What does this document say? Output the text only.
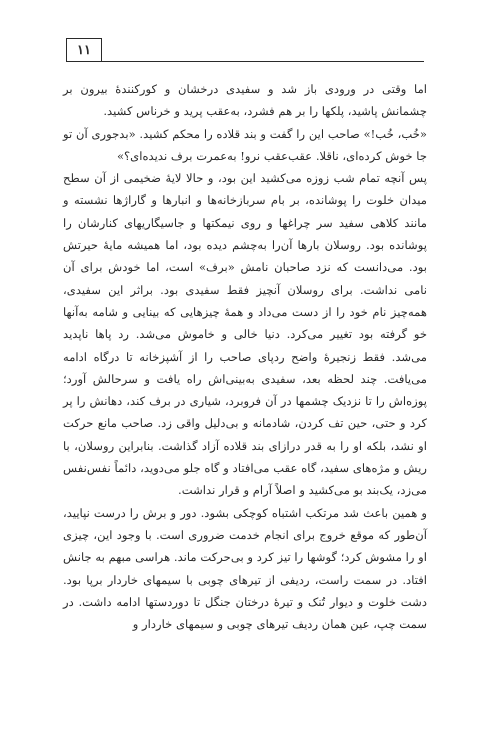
۱۱

اما وقتی در ورودی باز شد و سفیدی درخشان و کورکنندهٔ بیرون بر چشمانش پاشید، پلکها را بر هم فشرد، به‌عقب پرید و خرناس کشید.

«خُب، خُب!» صاحب این را گفت و بند قلاده را محکم کشید. «بدجوری آن تو جا خوش کرده‌ای، ناقلا. عقب‌عقب نرو! به‌عمرت برف ندیده‌ای؟»

پس آنچه تمام شب زوزه می‌کشید این بود، و حالا لایهٔ ضخیمی از آن سطح میدان خلوت را پوشانده، بر بام سربازخانه‌ها و انبارها و گاراژها نشسته و مانند کلاهی سفید سر چراغها و روی نیمکتها و جاسیگاریهای کنارشان را پوشانده بود. روسلان بارها آن‌را به‌چشم دیده بود، اما همیشه مایهٔ حیرتش بود. می‌دانست که نزد صاحبان نامش «برف» است، اما خودش برای آن نامی نداشت. برای روسلان آنچیز فقط سفیدی بود. براثر این سفیدی، همه‌چیز نام خود را از دست می‌داد و همهٔ چیزهایی که بینایی و شامه به‌آنها خو گرفته بود تغییر می‌کرد. دنیا خالی و خاموش می‌شد. رد پاها ناپدید می‌شد. فقط زنجیرهٔ واضح ردپای صاحب را از آشپزخانه تا درگاه ادامه می‌یافت. چند لحظه بعد، سفیدی به‌بینی‌اش راه یافت و سرحالش آورد؛ پوزه‌اش را تا نزدیک چشمها در آن فروبرد، شیاری در برف کند، دهانش را پر کرد و حتی، حین تف کردن، شادمانه و بی‌دلیل واقی زد. صاحب مانع حرکت او نشد، بلکه او را به قدر درازای بند قلاده آزاد گذاشت. بنابراین روسلان، با ریش و مژه‌های سفید، گاه عقب می‌افتاد و گاه جلو می‌دوید، دائماً نفس‌نفس می‌زد، یک‌بند بو می‌کشید و اصلاً آرام و قرار نداشت.

و همین باعث شد مرتکب اشتباه کوچکی بشود. دور و برش را درست نپایید، آن‌طور که موقع خروج برای انجام خدمت ضروری است. با وجود این، چیزی او را مشوش کرد؛ گوشها را تیز کرد و بی‌حرکت ماند. هراسی مبهم به جانش افتاد. در سمت راست، ردیفی از تیرهای چوبی با سیمهای خاردار برپا بود. دشت خلوت و دیوار تُنک و تیرهٔ درختان جنگل تا دوردستها ادامه داشت. در سمت چپ، عین همان ردیف تیرهای چوبی و سیمهای خاردار و
